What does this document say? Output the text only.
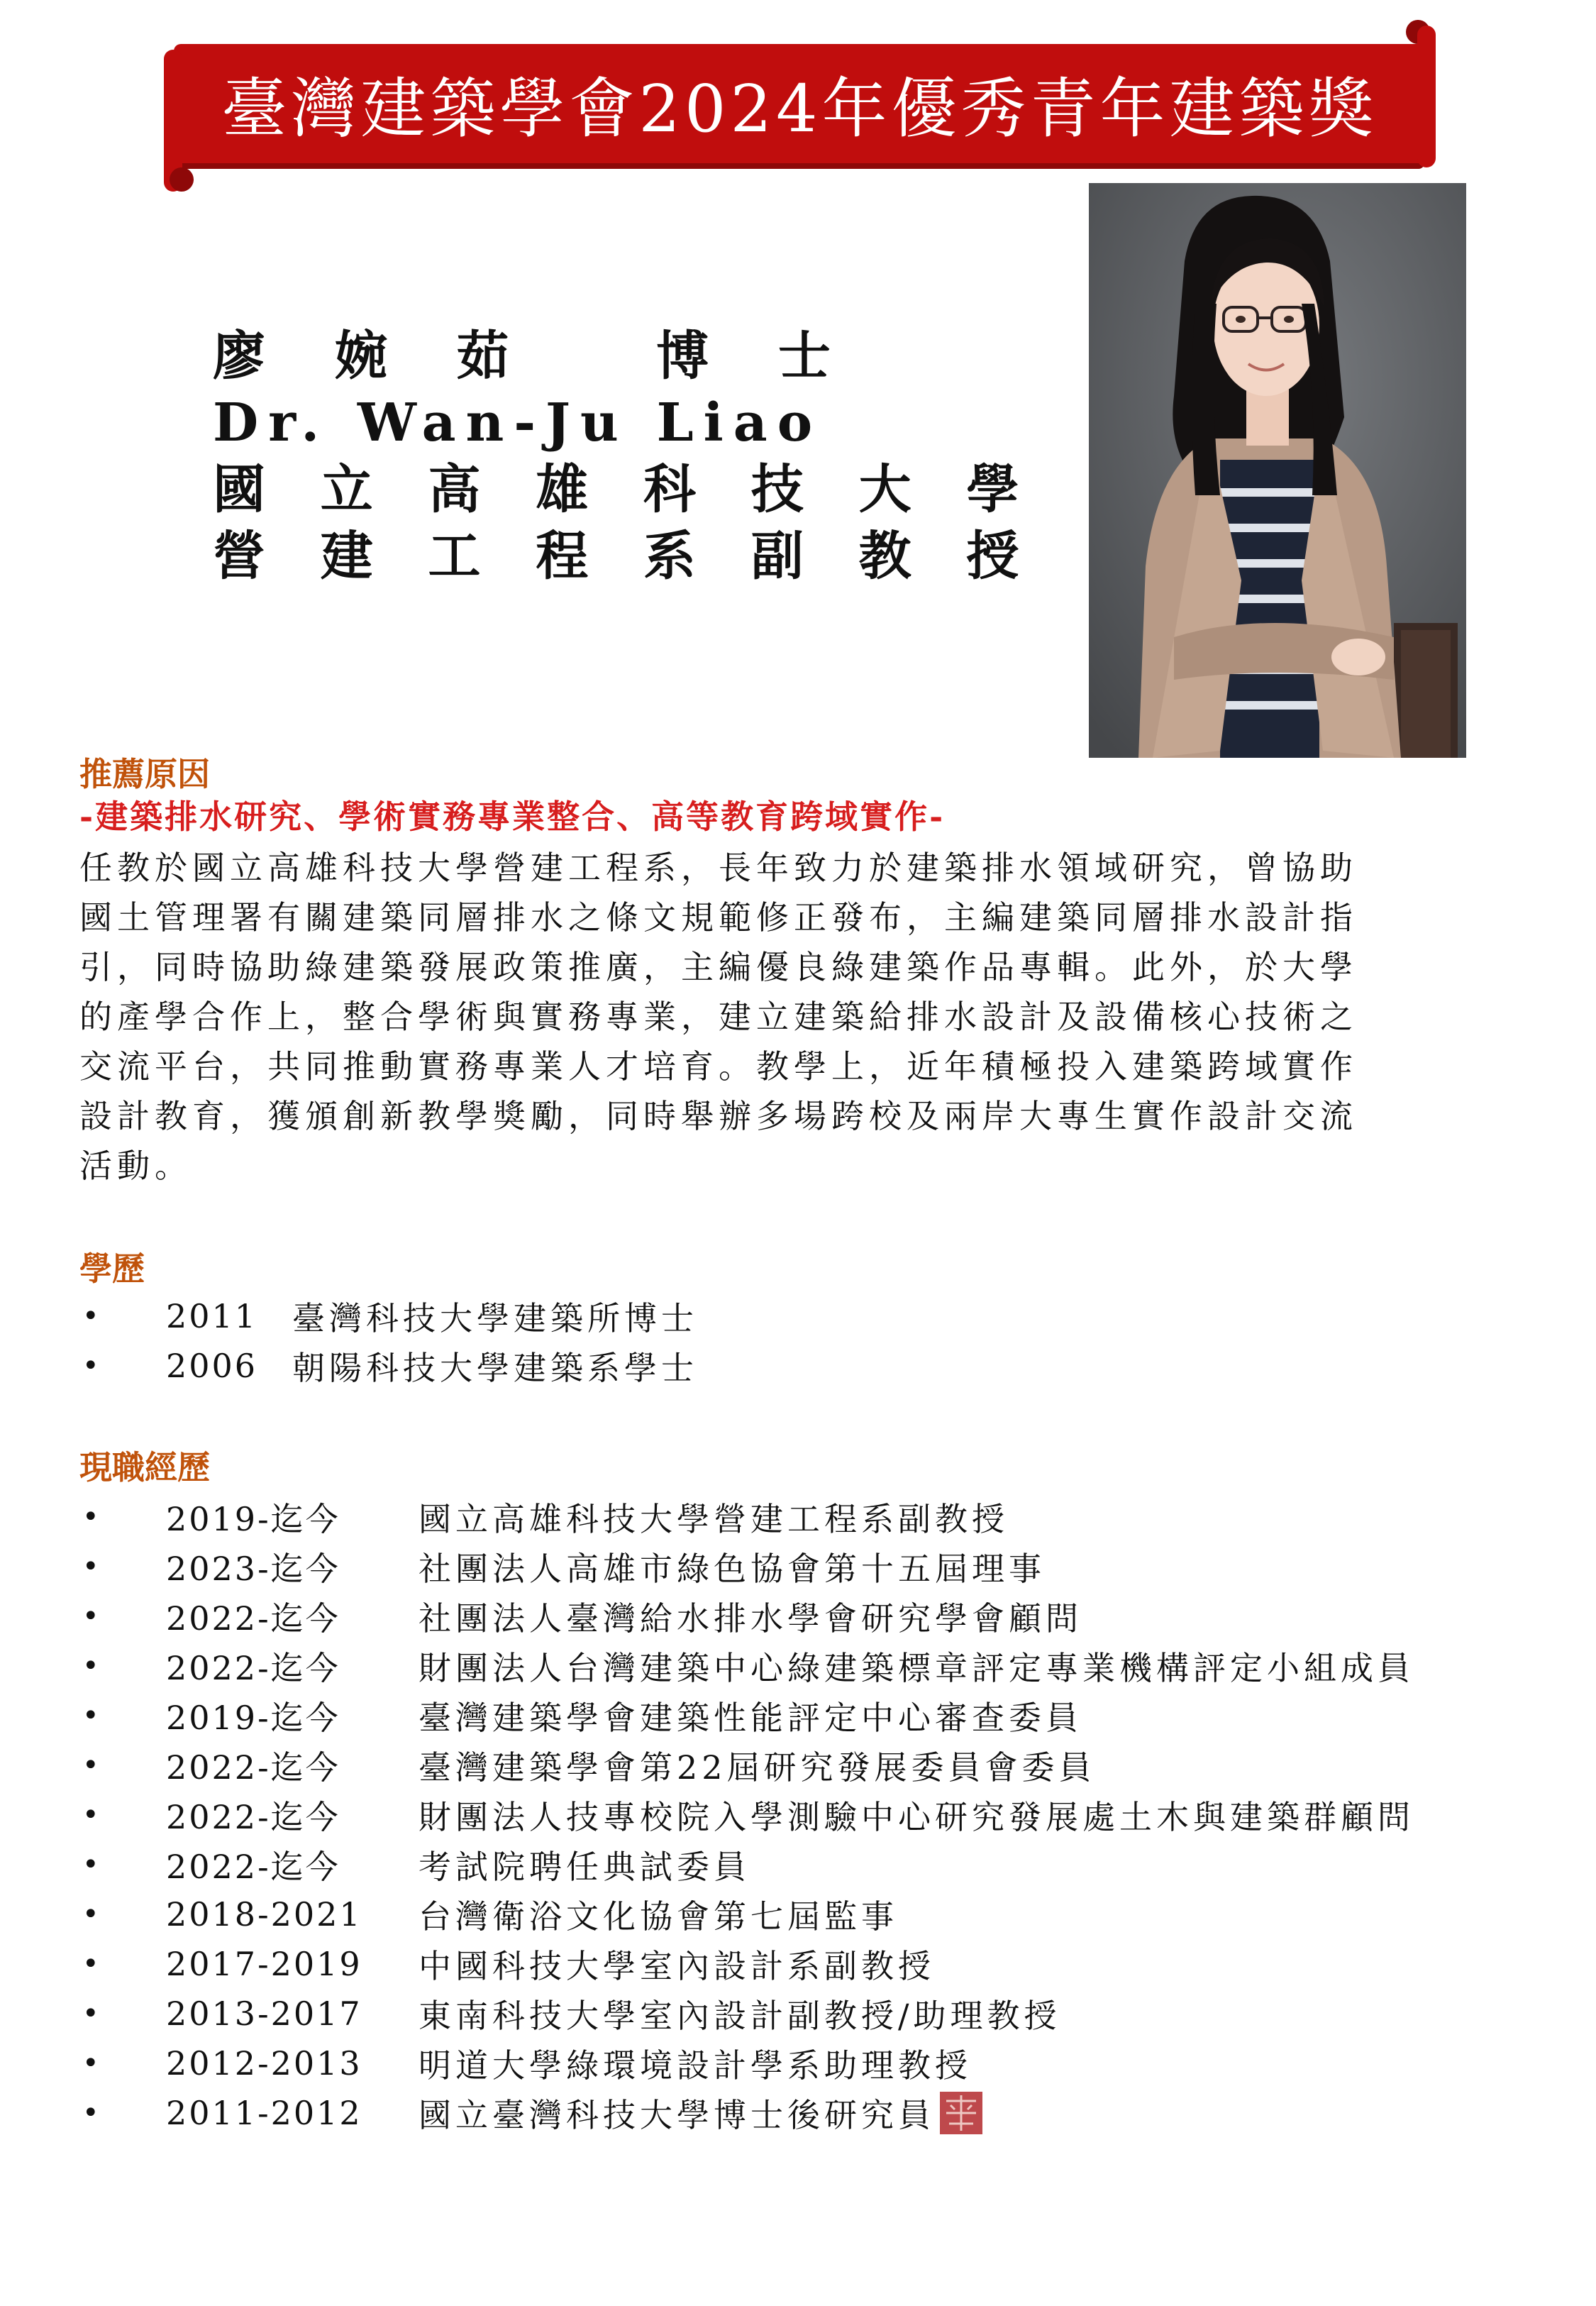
臺灣建築學會2024年優秀青年建築獎
廖 婉 茹　 博 士
Dr. Wan-Ju Liao
國 立 高 雄 科 技 大 學
營 建 工 程 系 副 教 授
推薦原因
-建築排水研究、學術實務專業整合、高等教育跨域實作-
任教於國立高雄科技大學營建工程系，長年致力於建築排水領域研究，曾協助
國土管理署有關建築同層排水之條文規範修正發布，主編建築同層排水設計指
引，同時協助綠建築發展政策推廣，主編優良綠建築作品專輯。此外，於大學
的產學合作上，整合學術與實務專業，建立建築給排水設計及設備核心技術之
交流平台，共同推動實務專業人才培育。教學上，近年積極投入建築跨域實作
設計教育，獲頒創新教學獎勵，同時舉辦多場跨校及兩岸大專生實作設計交流
活動。
學歷
•	2011	臺灣科技大學建築所博士
•	2006	朝陽科技大學建築系學士
現職經歷
•	2019-迄今	國立高雄科技大學營建工程系副教授
•	2023-迄今	社團法人高雄市綠色協會第十五屆理事
•	2022-迄今	社團法人臺灣給水排水學會研究學會顧問
•	2022-迄今	財團法人台灣建築中心綠建築標章評定專業機構評定小組成員
•	2019-迄今	臺灣建築學會建築性能評定中心審查委員
•	2022-迄今	臺灣建築學會第22屆研究發展委員會委員
•	2022-迄今	財團法人技專校院入學測驗中心研究發展處土木與建築群顧問
•	2022-迄今	考試院聘任典試委員
•	2018-2021	台灣衛浴文化協會第七屆監事
•	2017-2019	中國科技大學室內設計系副教授
•	2013-2017	東南科技大學室內設計副教授/助理教授
•	2012-2013	明道大學綠環境設計學系助理教授
•	2011-2012	國立臺灣科技大學博士後研究員
